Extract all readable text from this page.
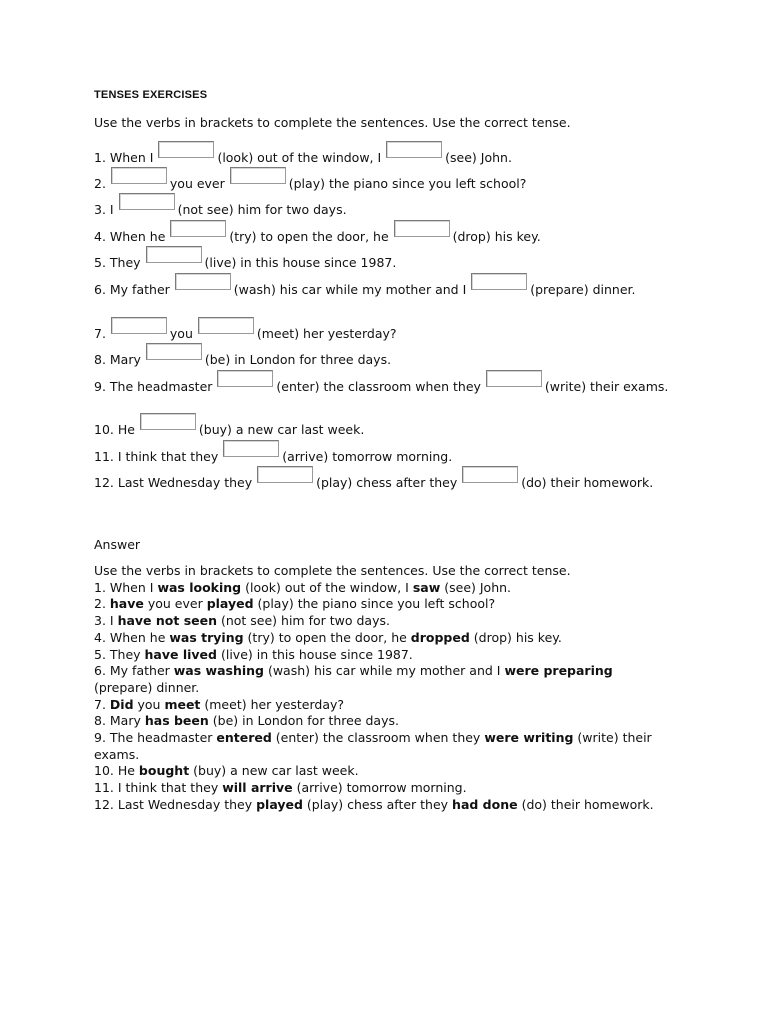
TENSES EXERCISES
Use the verbs in brackets to complete the sentences. Use the correct tense.
1. When I	(look) out of the window, I	(see) John.
2.	you ever	(play) the piano since you left school?
3. I	(not see) him for two days.
4. When he	(try) to open the door, he	(drop) his key.
5. They	(live) in this house since 1987.
6. My father	(wash) his car while my mother and I	(prepare) dinner.
7.	you	(meet) her yesterday?
8. Mary	(be) in London for three days.
9. The headmaster	(enter) the classroom when they	(write) their exams.
10. He	(buy) a new car last week.
11. I think that they	(arrive) tomorrow morning.
12. Last Wednesday they	(play) chess after they	(do) their homework.
Answer
Use the verbs in brackets to complete the sentences. Use the correct tense.
1. When I was looking (look) out of the window, I saw (see) John.
2. have you ever played (play) the piano since you left school?
3. I have not seen (not see) him for two days.
4. When he was trying (try) to open the door, he dropped (drop) his key.
5. They have lived (live) in this house since 1987.
6. My father was washing (wash) his car while my mother and I were preparing (prepare) dinner.
7. Did you meet (meet) her yesterday?
8. Mary has been (be) in London for three days.
9. The headmaster entered (enter) the classroom when they were writing (write) their exams.
10. He bought (buy) a new car last week.
11. I think that they will arrive (arrive) tomorrow morning.
12. Last Wednesday they played (play) chess after they had done (do) their homework.
